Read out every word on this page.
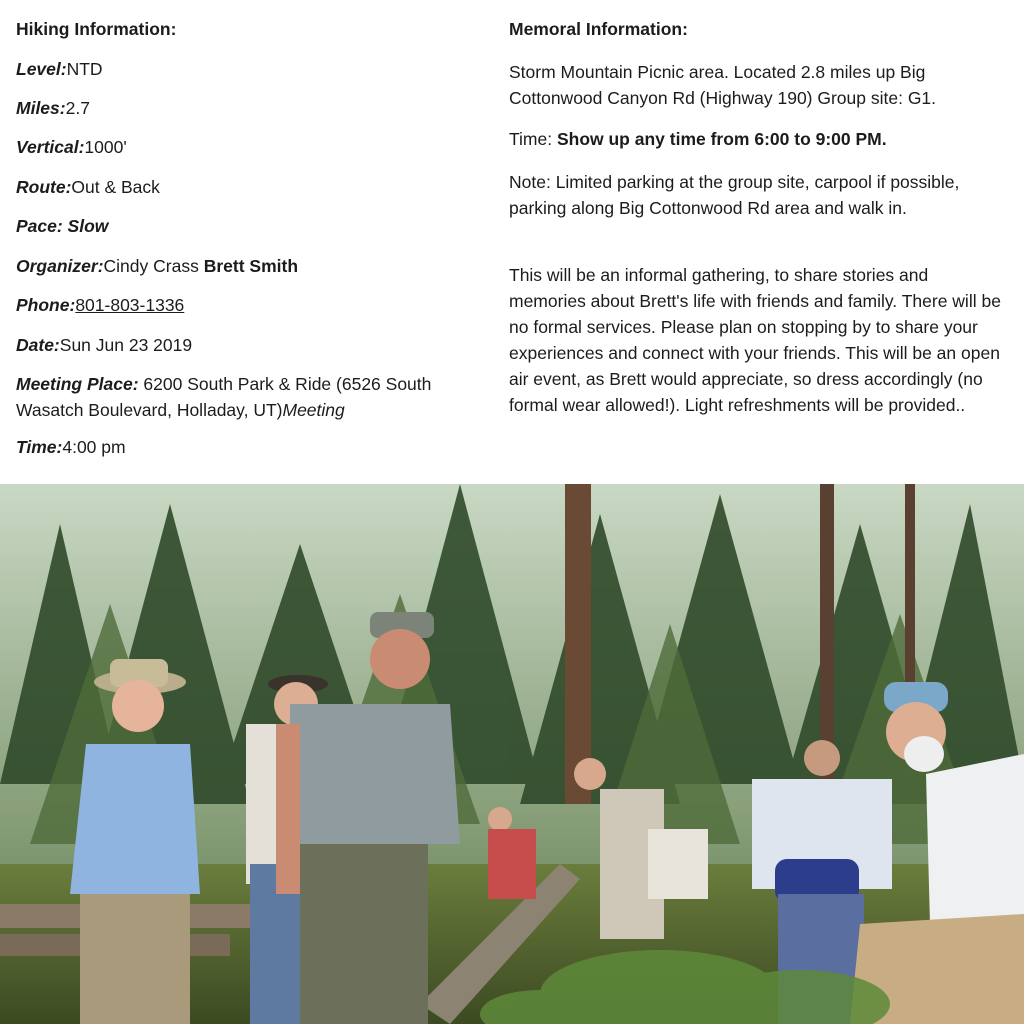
Hiking Information:
Level:NTD
Miles:2.7
Vertical:1000'
Route:Out & Back
Pace: Slow
Organizer:Cindy Crass Brett Smith
Phone:801-803-1336
Date:Sun Jun 23 2019
Meeting Place: 6200 South Park & Ride (6526 South Wasatch Boulevard, Holladay, UT)Meeting
Time:4:00 pm
Memoral Information:
Storm Mountain Picnic area. Located 2.8 miles up Big Cottonwood Canyon Rd (Highway 190) Group site: G1.
Time: Show up any time from 6:00 to 9:00 PM.
Note: Limited parking at the group site, carpool if possible, parking along Big Cottonwood Rd area and walk in.
This will be an informal gathering, to share stories and memories about Brett's life with friends and family. There will be no formal services. Please plan on stopping by to share your experiences and connect with your friends. This will be an open air event, as Brett would appreciate, so dress accordingly (no formal wear allowed!). Light refreshments will be provided..
